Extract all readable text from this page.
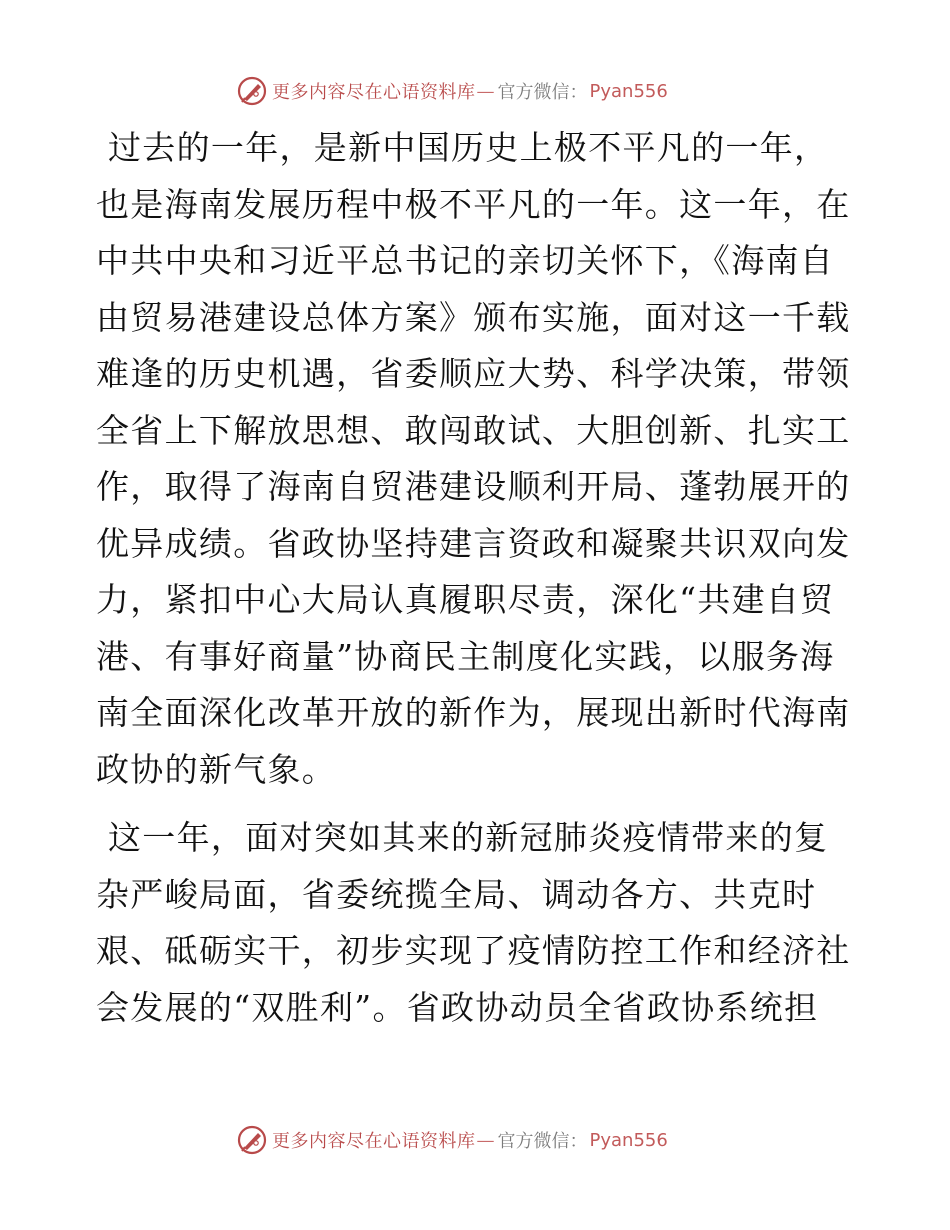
更多内容尽在心语资料库 — 官方微信： Pyan556

过去的一年，是新中国历史上极不平凡的一年，也是海南发展历程中极不平凡的一年。这一年，在中共中央和习近平总书记的亲切关怀下，《海南自由贸易港建设总体方案》颁布实施，面对这一千载难逢的历史机遇，省委顺应大势、科学决策，带领全省上下解放思想、敢闯敢试、大胆创新、扎实工作，取得了海南自贸港建设顺利开局、蓬勃展开的优异成绩。省政协坚持建言资政和凝聚共识双向发力，紧扣中心大局认真履职尽责，深化“共建自贸港、有事好商量”协商民主制度化实践，以服务海南全面深化改革开放的新作为，展现出新时代海南政协的新气象。

这一年，面对突如其来的新冠肺炎疫情带来的复杂严峻局面，省委统揽全局、调动各方、共克时艰、砥砺实干，初步实现了疫情防控工作和经济社会发展的“双胜利”。省政协动员全省政协系统担

更多内容尽在心语资料库 — 官方微信： Pyan556
